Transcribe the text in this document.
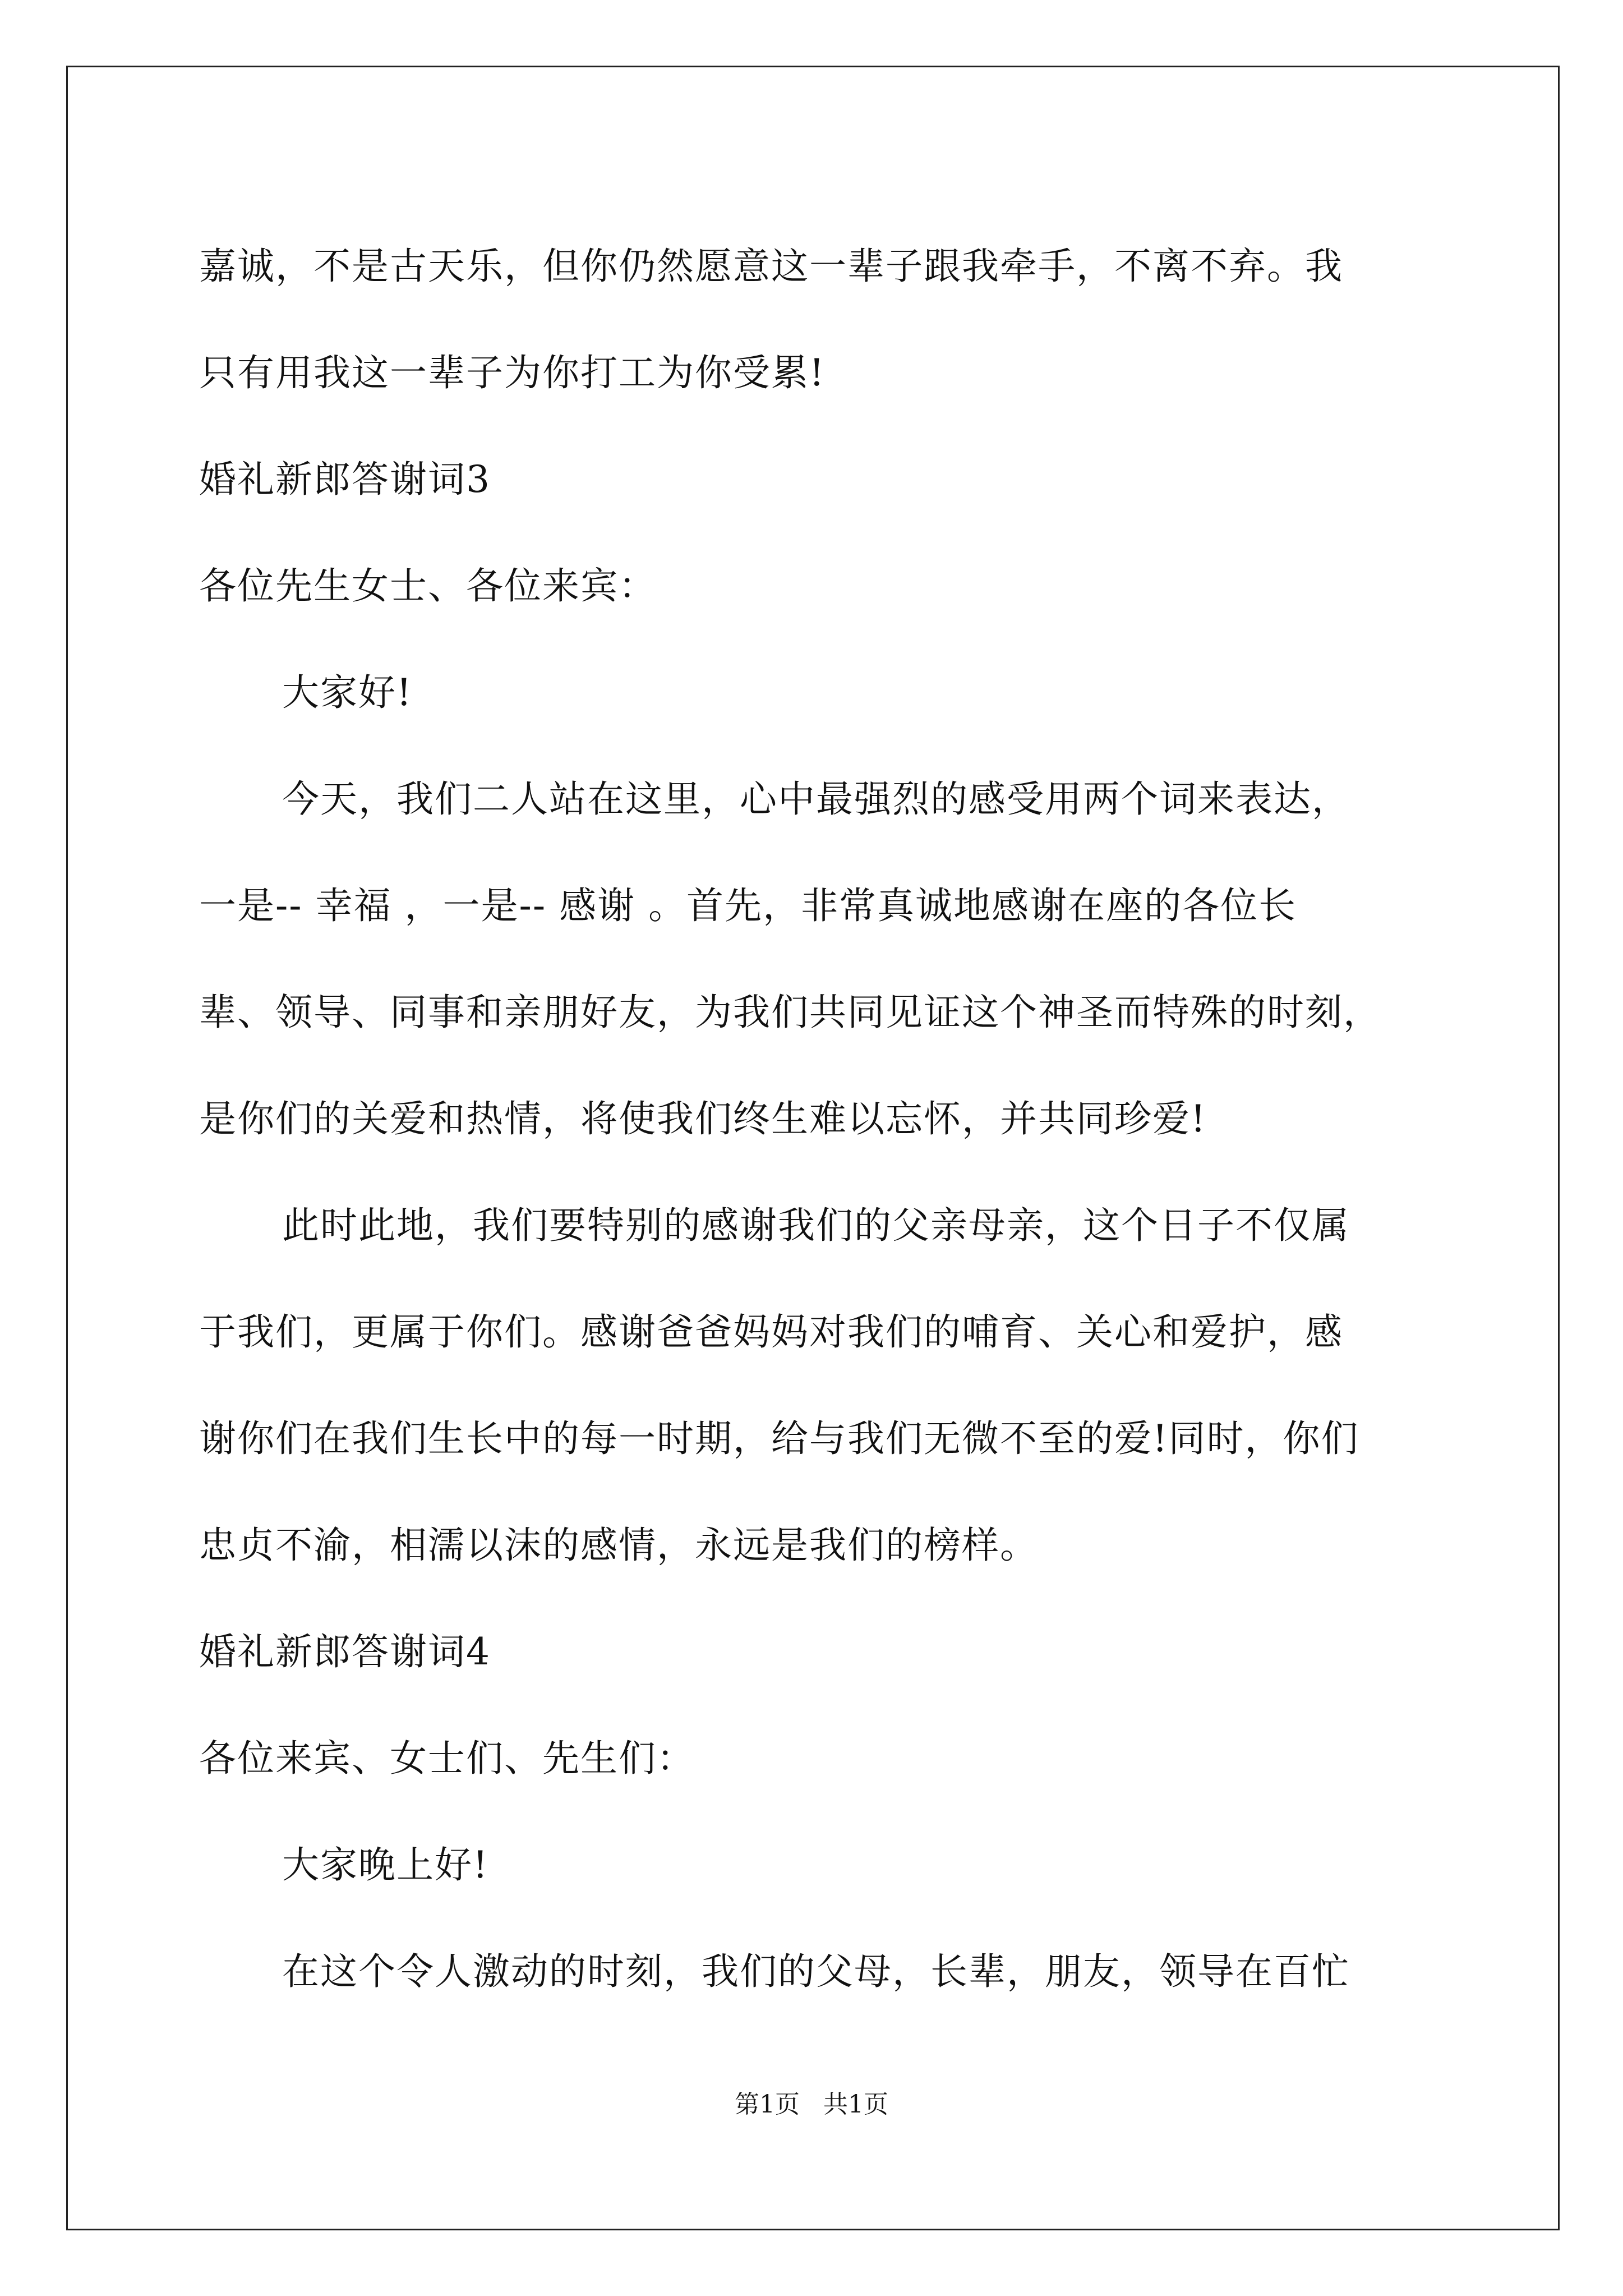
嘉诚，不是古天乐，但你仍然愿意这一辈子跟我牵手，不离不弃。我
只有用我这一辈子为你打工为你受累!
婚礼新郎答谢词3
各位先生女士、各位来宾：
大家好!
今天，我们二人站在这里，心中最强烈的感受用两个词来表达，
一是-- 幸福 ，一是-- 感谢 。首先，非常真诚地感谢在座的各位长
辈、领导、同事和亲朋好友，为我们共同见证这个神圣而特殊的时刻，
是你们的关爱和热情，将使我们终生难以忘怀，并共同珍爱!
此时此地，我们要特别的感谢我们的父亲母亲，这个日子不仅属
于我们，更属于你们。感谢爸爸妈妈对我们的哺育、关心和爱护，感
谢你们在我们生长中的每一时期，给与我们无微不至的爱!同时，你们
忠贞不渝，相濡以沫的感情，永远是我们的榜样。
婚礼新郎答谢词4
各位来宾、女士们、先生们：
大家晚上好!
在这个令人激动的时刻，我们的父母，长辈，朋友，领导在百忙
第1页   共1页
